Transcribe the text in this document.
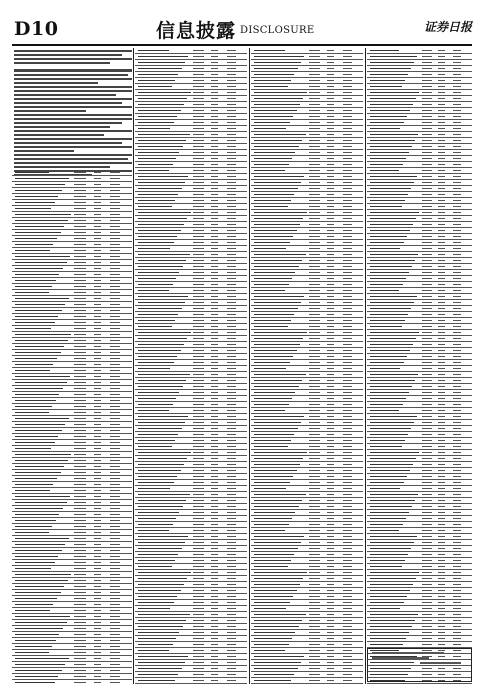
D10	信息披露 DISCLOSURE	证券日报
